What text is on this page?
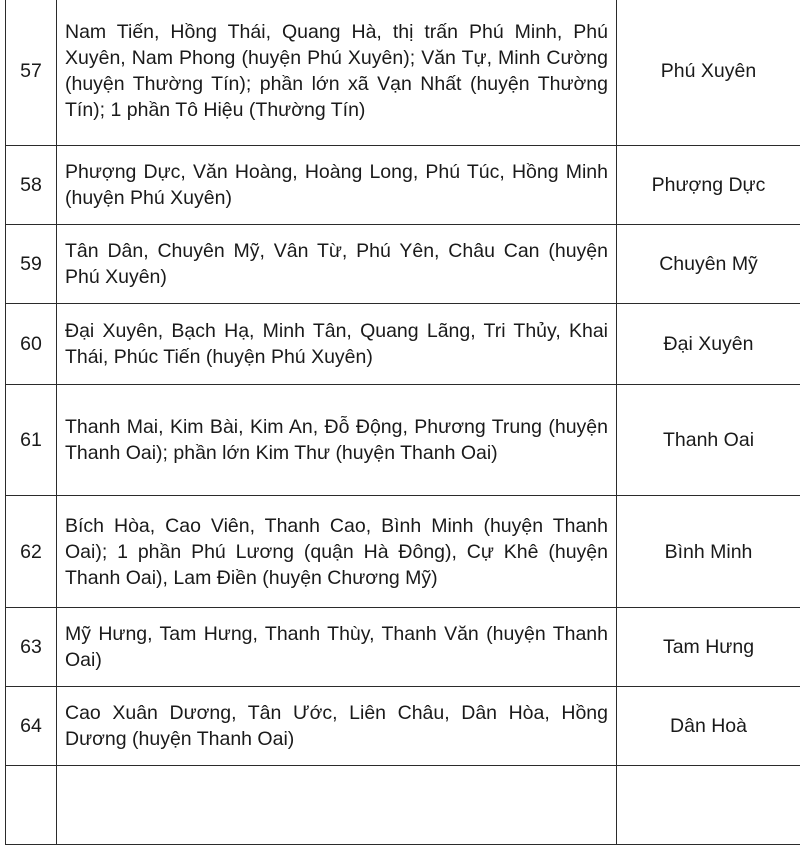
57	Nam Tiến, Hồng Thái, Quang Hà, thị trấn Phú Minh, Phú Xuyên, Nam Phong (huyện Phú Xuyên); Văn Tự, Minh Cường (huyện Thường Tín); phần lớn xã Vạn Nhất (huyện Thường Tín); 1 phần Tô Hiệu (Thường Tín)	Phú Xuyên
58	Phượng Dực, Văn Hoàng, Hoàng Long, Phú Túc, Hồng Minh (huyện Phú Xuyên)	Phượng Dực
59	Tân Dân, Chuyên Mỹ, Vân Từ, Phú Yên, Châu Can (huyện Phú Xuyên)	Chuyên Mỹ
60	Đại Xuyên, Bạch Hạ, Minh Tân, Quang Lãng, Tri Thủy, Khai Thái, Phúc Tiến (huyện Phú Xuyên)	Đại Xuyên
61	Thanh Mai, Kim Bài, Kim An, Đỗ Động, Phương Trung (huyện Thanh Oai); phần lớn Kim Thư (huyện Thanh Oai)	Thanh Oai
62	Bích Hòa, Cao Viên, Thanh Cao, Bình Minh (huyện Thanh Oai); 1 phần Phú Lương (quận Hà Đông), Cự Khê (huyện Thanh Oai), Lam Điền (huyện Chương Mỹ)	Bình Minh
63	Mỹ Hưng, Tam Hưng, Thanh Thùy, Thanh Văn (huyện Thanh Oai)	Tam Hưng
64	Cao Xuân Dương, Tân Ước, Liên Châu, Dân Hòa, Hồng Dương (huyện Thanh Oai)	Dân Hoà
